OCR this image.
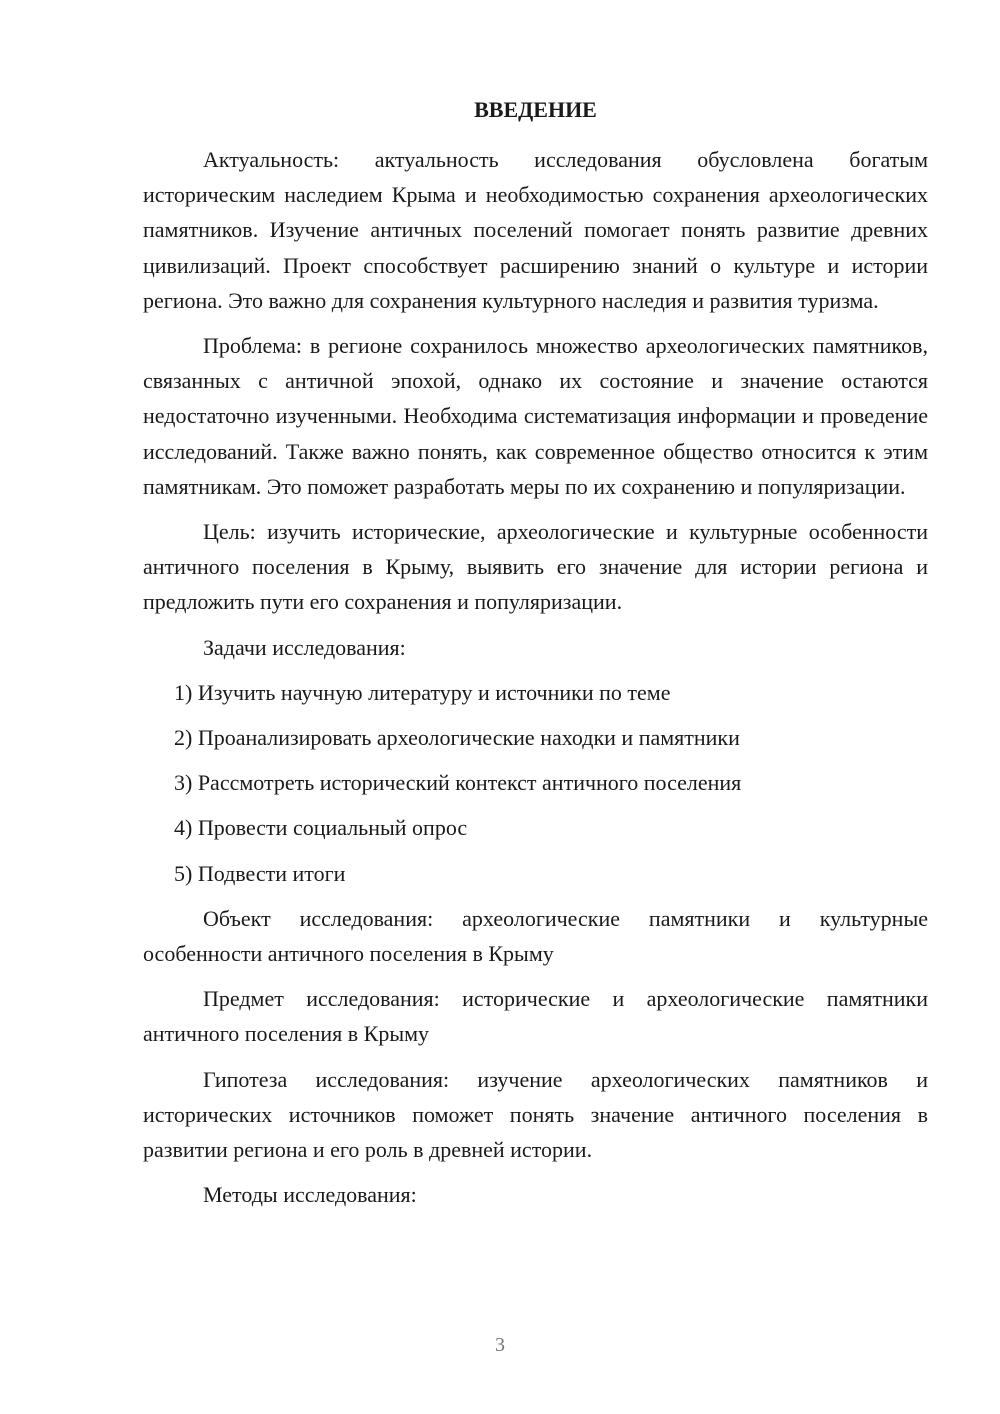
ВВЕДЕНИЕ

Актуальность: актуальность исследования обусловлена богатым историческим наследием Крыма и необходимостью сохранения археологических памятников. Изучение античных поселений помогает понять развитие древних цивилизаций. Проект способствует расширению знаний о культуре и истории региона. Это важно для сохранения культурного наследия и развития туризма.

Проблема: в регионе сохранилось множество археологических памятников, связанных с античной эпохой, однако их состояние и значение остаются недостаточно изученными. Необходима систематизация информации и проведение исследований. Также важно понять, как современное общество относится к этим памятникам. Это поможет разработать меры по их сохранению и популяризации.

Цель: изучить исторические, археологические и культурные особенности античного поселения в Крыму, выявить его значение для истории региона и предложить пути его сохранения и популяризации.

Задачи исследования:

1) Изучить научную литературу и источники по теме
2) Проанализировать археологические находки и памятники
3) Рассмотреть исторический контекст античного поселения
4) Провести социальный опрос
5) Подвести итоги

Объект исследования: археологические памятники и культурные особенности античного поселения в Крыму

Предмет исследования: исторические и археологические памятники античного поселения в Крыму

Гипотеза исследования: изучение археологических памятников и исторических источников поможет понять значение античного поселения в развитии региона и его роль в древней истории.

Методы исследования:

3
